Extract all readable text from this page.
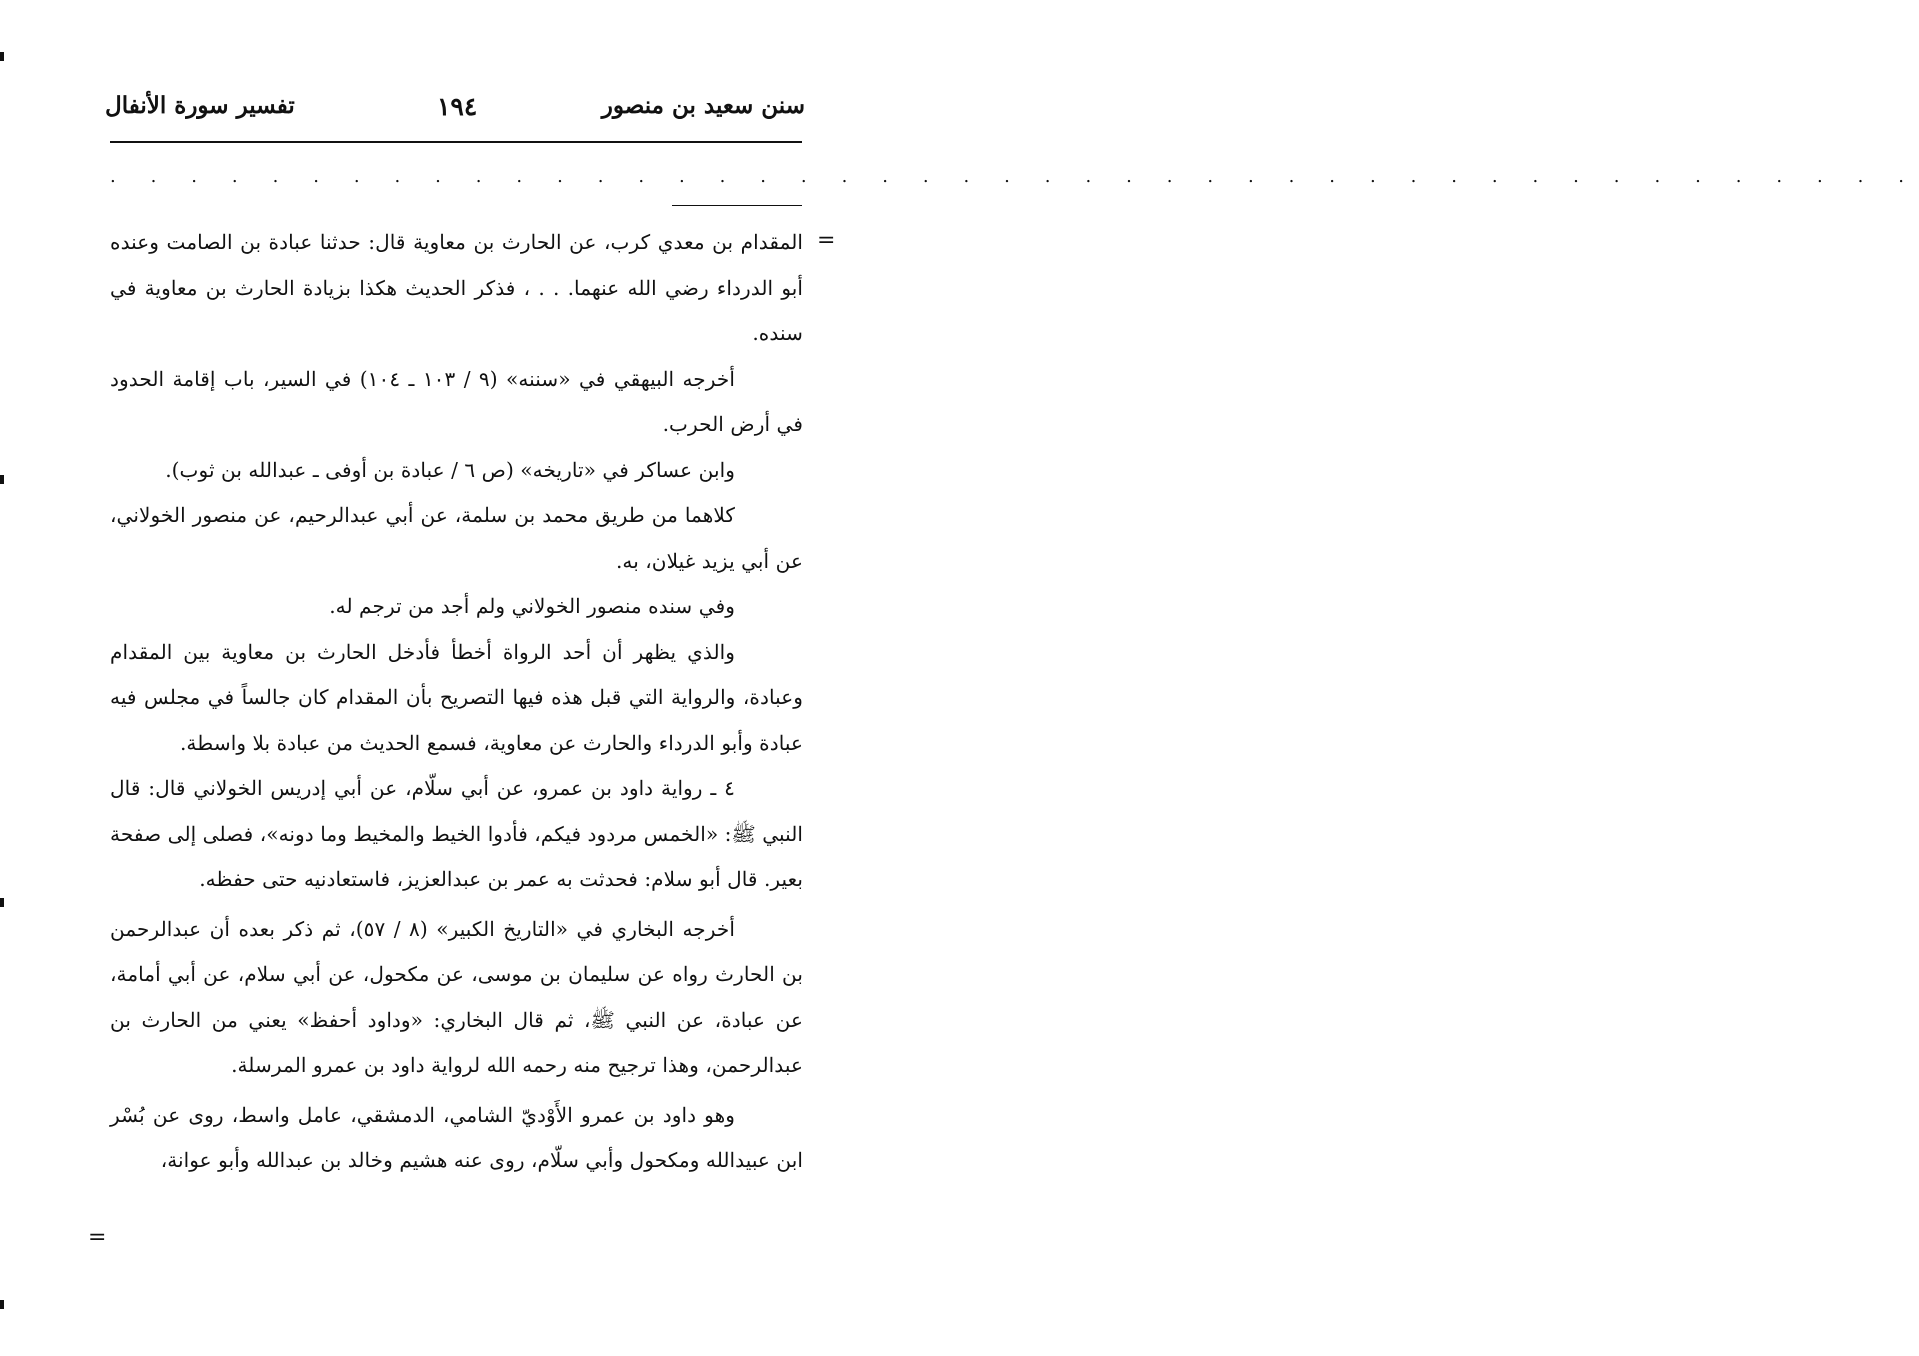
سنن سعيد بن منصور
١٩٤
تفسير سورة الأنفال
. . . . . . . . . . . . . . . . . . . . . . . . . . . . . . . . . . . . . . . . . . . . .
=

المقدام بن معدي كرب، عن الحارث بن معاوية قال: حدثنا عبادة بن الصامت وعنده أبو الدرداء رضي الله عنهما. . . ، فذكر الحديث هكذا بزيادة الحارث بن معاوية في سنده.

أخرجه البيهقي في «سننه» (٩ / ١٠٣ ـ ١٠٤) في السير، باب إقامة الحدود في أرض الحرب.

وابن عساكر في «تاريخه» (ص ٦ / عبادة بن أوفى ـ عبدالله بن ثوب).

كلاهما من طريق محمد بن سلمة، عن أبي عبدالرحيم، عن منصور الخولاني، عن أبي يزيد غيلان، به.

وفي سنده منصور الخولاني ولم أجد من ترجم له.

والذي يظهر أن أحد الرواة أخطأ فأدخل الحارث بن معاوية بين المقدام وعبادة، والرواية التي قبل هذه فيها التصريح بأن المقدام كان جالساً في مجلس فيه عبادة وأبو الدرداء والحارث عن معاوية، فسمع الحديث من عبادة بلا واسطة.

٤ ـ رواية داود بن عمرو، عن أبي سلّام، عن أبي إدريس الخولاني قال: قال النبي ﷺ: «الخمس مردود فيكم، فأدوا الخيط والمخيط وما دونه»، فصلى إلى صفحة بعير. قال أبو سلام: فحدثت به عمر بن عبدالعزيز، فاستعادنيه حتى حفظه.

أخرجه البخاري في «التاريخ الكبير» (٨ / ٥٧)، ثم ذكر بعده أن عبدالرحمن بن الحارث رواه عن سليمان بن موسى، عن مكحول، عن أبي سلام، عن أبي أمامة، عن عبادة، عن النبي ﷺ، ثم قال البخاري: «وداود أحفظ» يعني من الحارث بن عبدالرحمن، وهذا ترجيح منه رحمه الله لرواية داود بن عمرو المرسلة.

وهو داود بن عمرو الأَوْديّ الشامي، الدمشقي، عامل واسط، روى عن بُسْر ابن عبيدالله ومكحول وأبي سلّام، روى عنه هشيم وخالد بن عبدالله وأبو عوانة،

=
